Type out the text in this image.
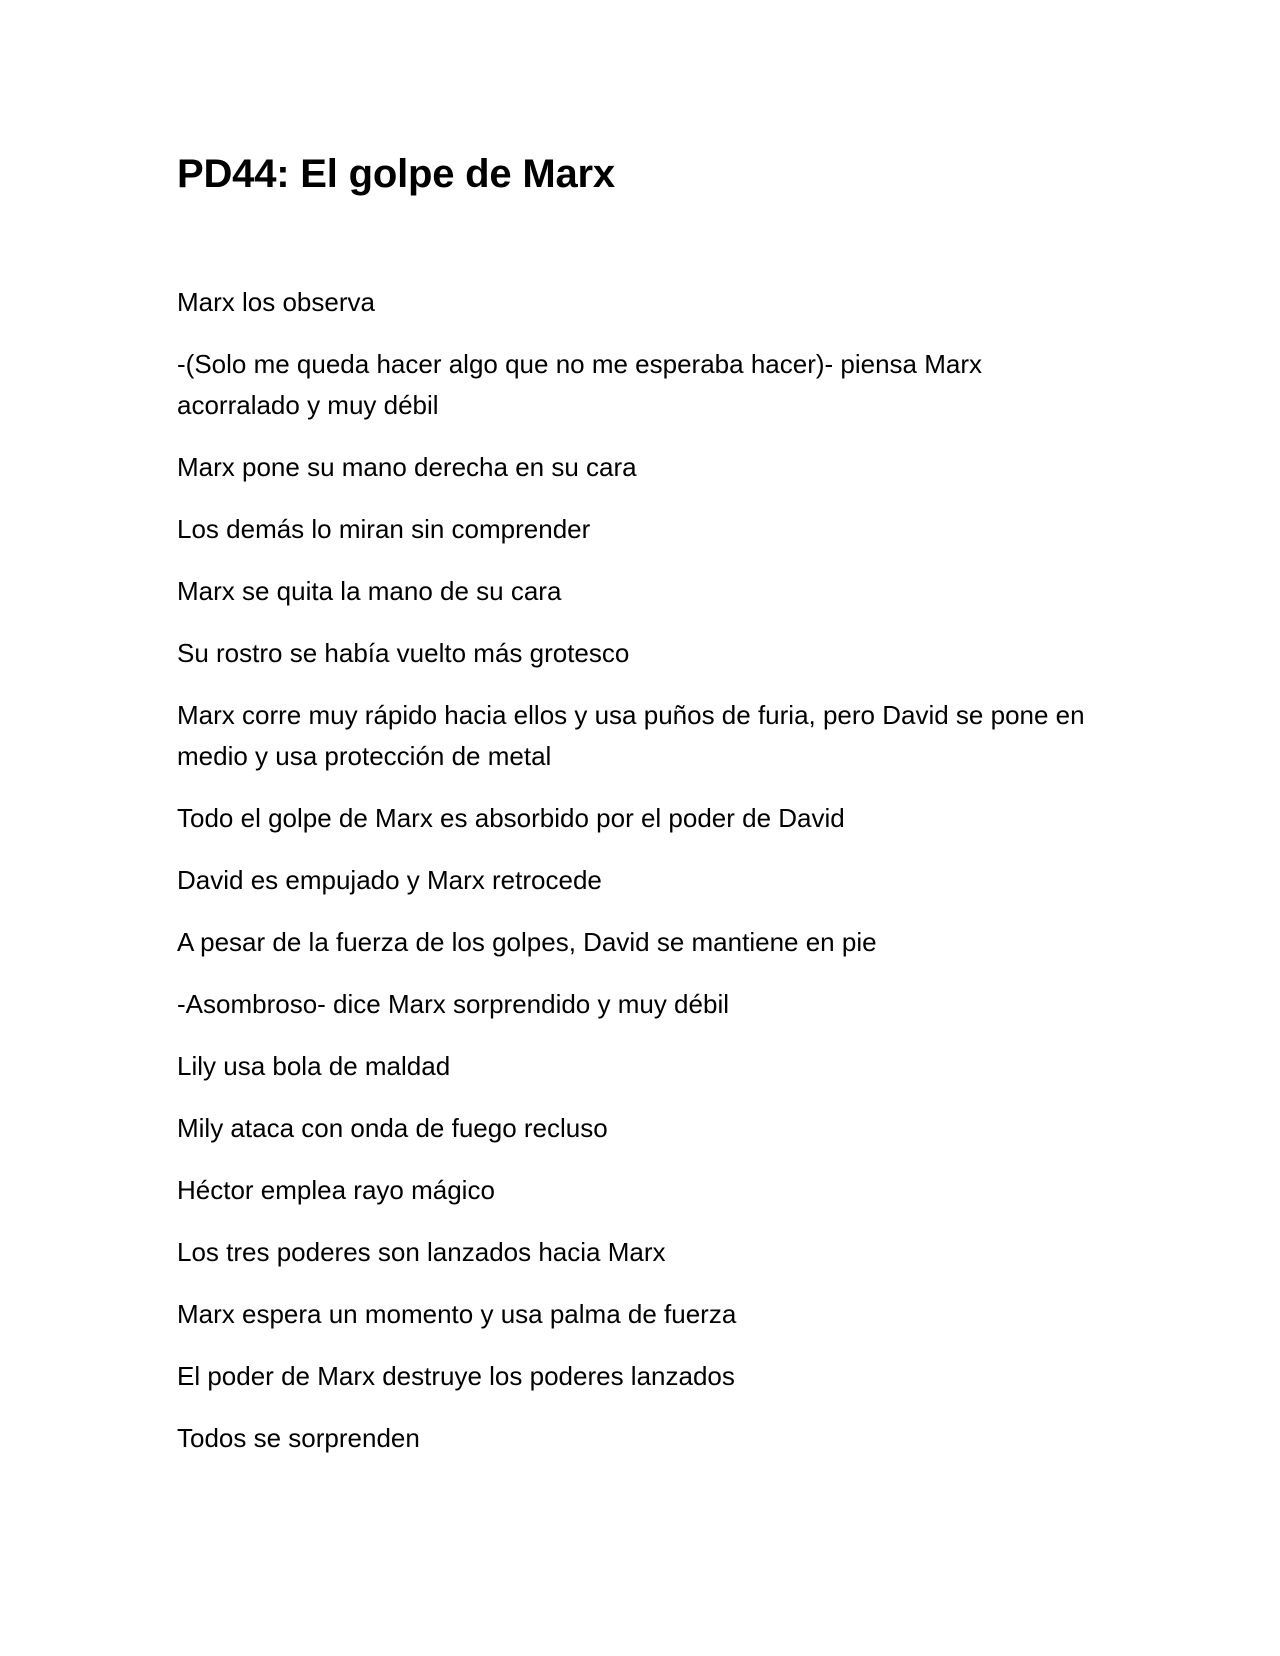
PD44: El golpe de Marx

Marx los observa

-(Solo me queda hacer algo que no me esperaba hacer)- piensa Marx acorralado y muy débil

Marx pone su mano derecha en su cara

Los demás lo miran sin comprender

Marx se quita la mano de su cara

Su rostro se había vuelto más grotesco

Marx corre muy rápido hacia ellos y usa puños de furia, pero David se pone en medio y usa protección de metal

Todo el golpe de Marx es absorbido por el poder de David

David es empujado y Marx retrocede

A pesar de la fuerza de los golpes, David se mantiene en pie

-Asombroso- dice Marx sorprendido y muy débil

Lily usa bola de maldad

Mily ataca con onda de fuego recluso

Héctor emplea rayo mágico

Los tres poderes son lanzados hacia Marx

Marx espera un momento y usa palma de fuerza

El poder de Marx destruye los poderes lanzados

Todos se sorprenden
